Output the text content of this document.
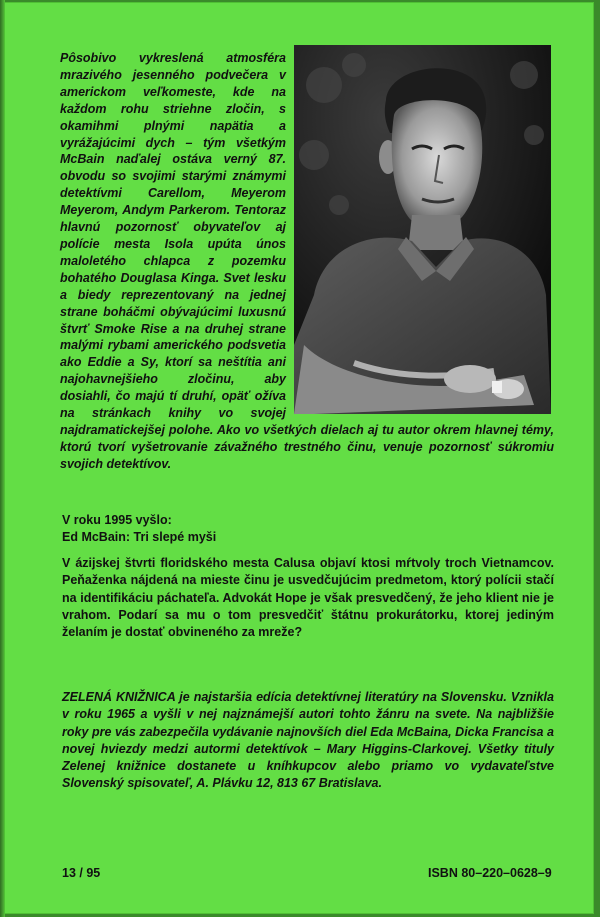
Pôsobivo vykreslená atmosféra mrazivého jesenného podvečera v americkom veľkomeste, kde na každom rohu striehne zločin, s okamihmi plnými napätia a vyrážajúcimi dych – tým všetkým McBain naďalej ostáva verný 87. obvodu so svojimi starými známymi detektívmi Carellom, Meyerom Meyerom, Andym Parkerom. Tentoraz hlavnú pozornosť obyvateľov aj polície mesta Isola upúta únos maloletého chlapca z pozemku bohatého Douglasa Kinga. Svet lesku a biedy reprezentovaný na jednej strane boháčmi obývajúcimi luxusnú štvrť Smoke Rise a na druhej strane malými rybami amerického podsvetia ako Eddie a Sy, ktorí sa neštítia ani najohavnejšieho zločinu, aby dosiahli, čo majú tí druhí, opäť ožíva na stránkach knihy vo svojej najdramatickejšej polohe. Ako vo všetkých dielach aj tu autor okrem hlavnej témy, ktorú tvorí vyšetrovanie závažného trestného činu, venuje pozornosť súkromiu svojich detektívov.

V roku 1995 vyšlo:
Ed McBain: Tri slepé myši

V ázijskej štvrti floridského mesta Calusa objaví ktosi mŕtvoly troch Vietnamcov. Peňaženka nájdená na mieste činu je usvedčujúcim predmetom, ktorý polícii stačí na identifikáciu páchateľa. Advokát Hope je však presvedčený, že jeho klient nie je vrahom. Podarí sa mu o tom presvedčiť štátnu prokurátorku, ktorej jediným želaním je dostať obvineného za mreže?

ZELENÁ KNIŽNICA je najstaršia edícia detektívnej literatúry na Slovensku. Vznikla v roku 1965 a vyšli v nej najznámejší autori tohto žánru na svete. Na najbližšie roky pre vás zabezpečila vydávanie najnovších diel Eda McBaina, Dicka Francisa a novej hviezdy medzi autormi detektívok – Mary Higgins-Clarkovej. Všetky tituly Zelenej knižnice dostanete u kníhkupcov alebo priamo vo vydavateľstve Slovenský spisovateľ, A. Plávku 12, 813 67 Bratislava.

13 / 95	ISBN 80–220–0628–9
